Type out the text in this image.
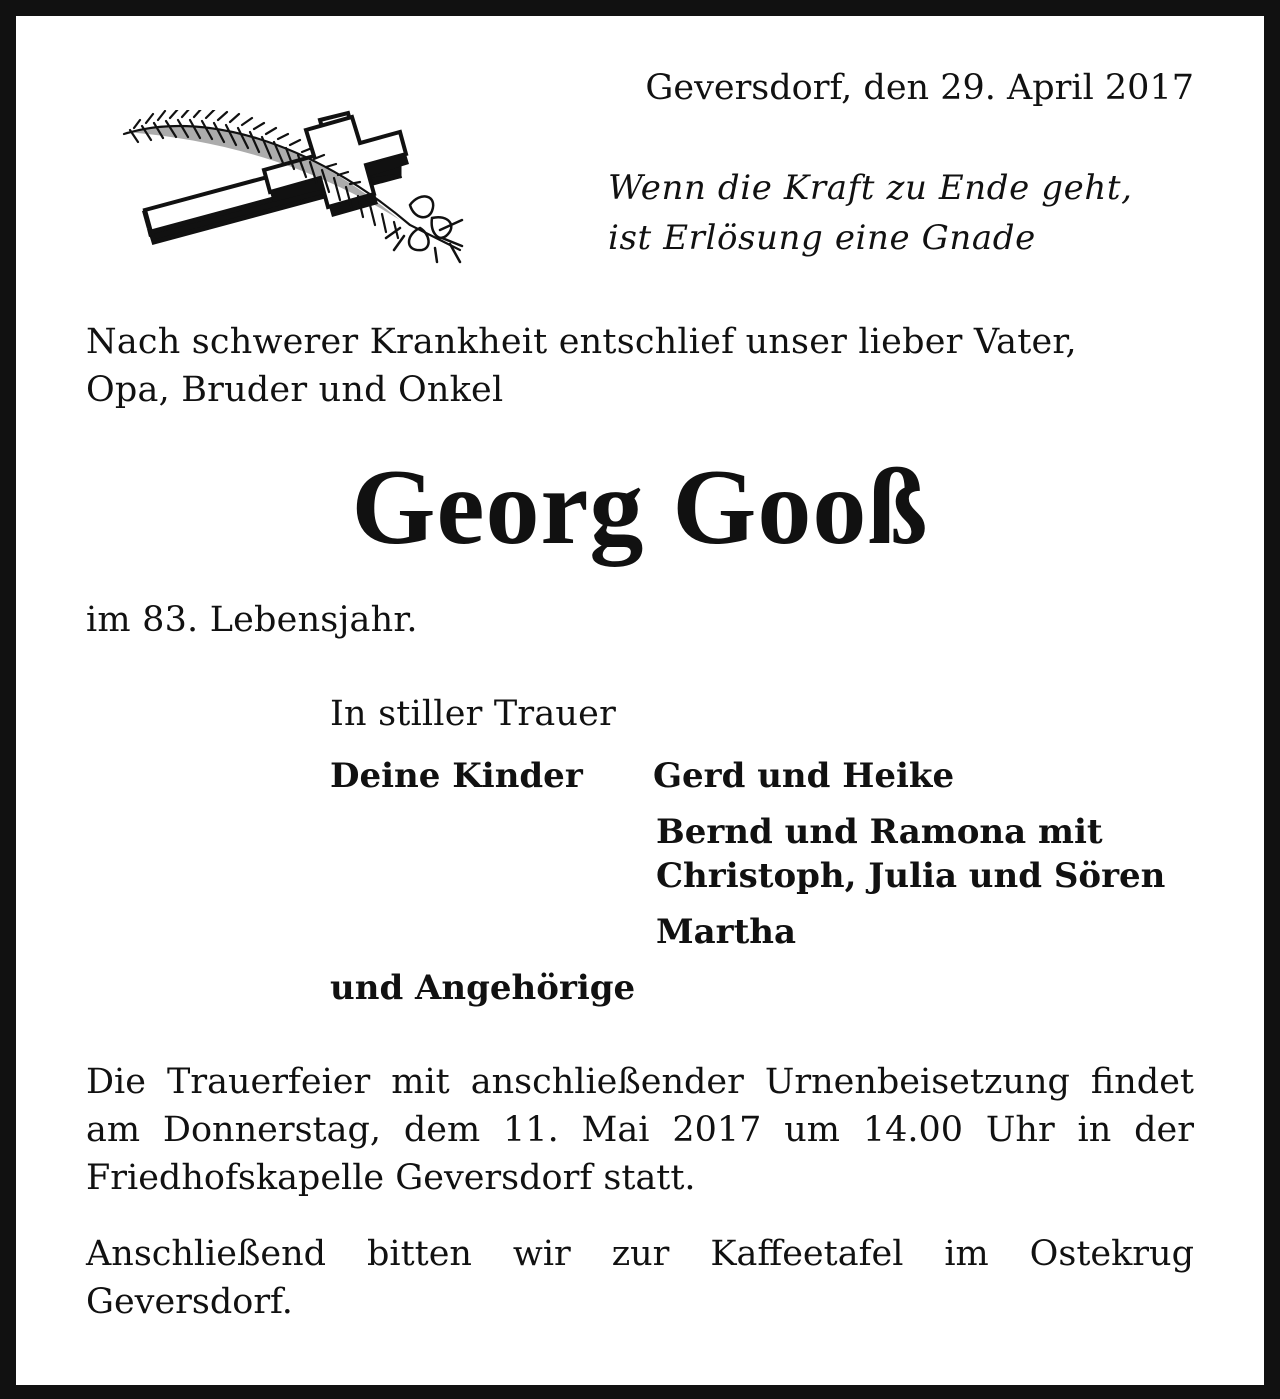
Geversdorf, den 29. April 2017

Wenn die Kraft zu Ende geht,

ist Erlösung eine Gnade

Nach schwerer Krankheit entschlief unser lieber Vater,

Opa, Bruder und Onkel

Georg Gooß

im 83. Lebensjahr.

In stiller Trauer

Deine Kinder Gerd und Heike

Bernd und Ramona mit

Christoph, Julia und Sören

Martha

und Angehörige

Die Trauerfeier mit anschließender Urnenbeisetzung findet am Donnerstag, dem 11. Mai 2017 um 14.00 Uhr in der Friedhofskapelle Geversdorf statt.

Anschließend bitten wir zur Kaffeetafel im Ostekrug Geversdorf.
